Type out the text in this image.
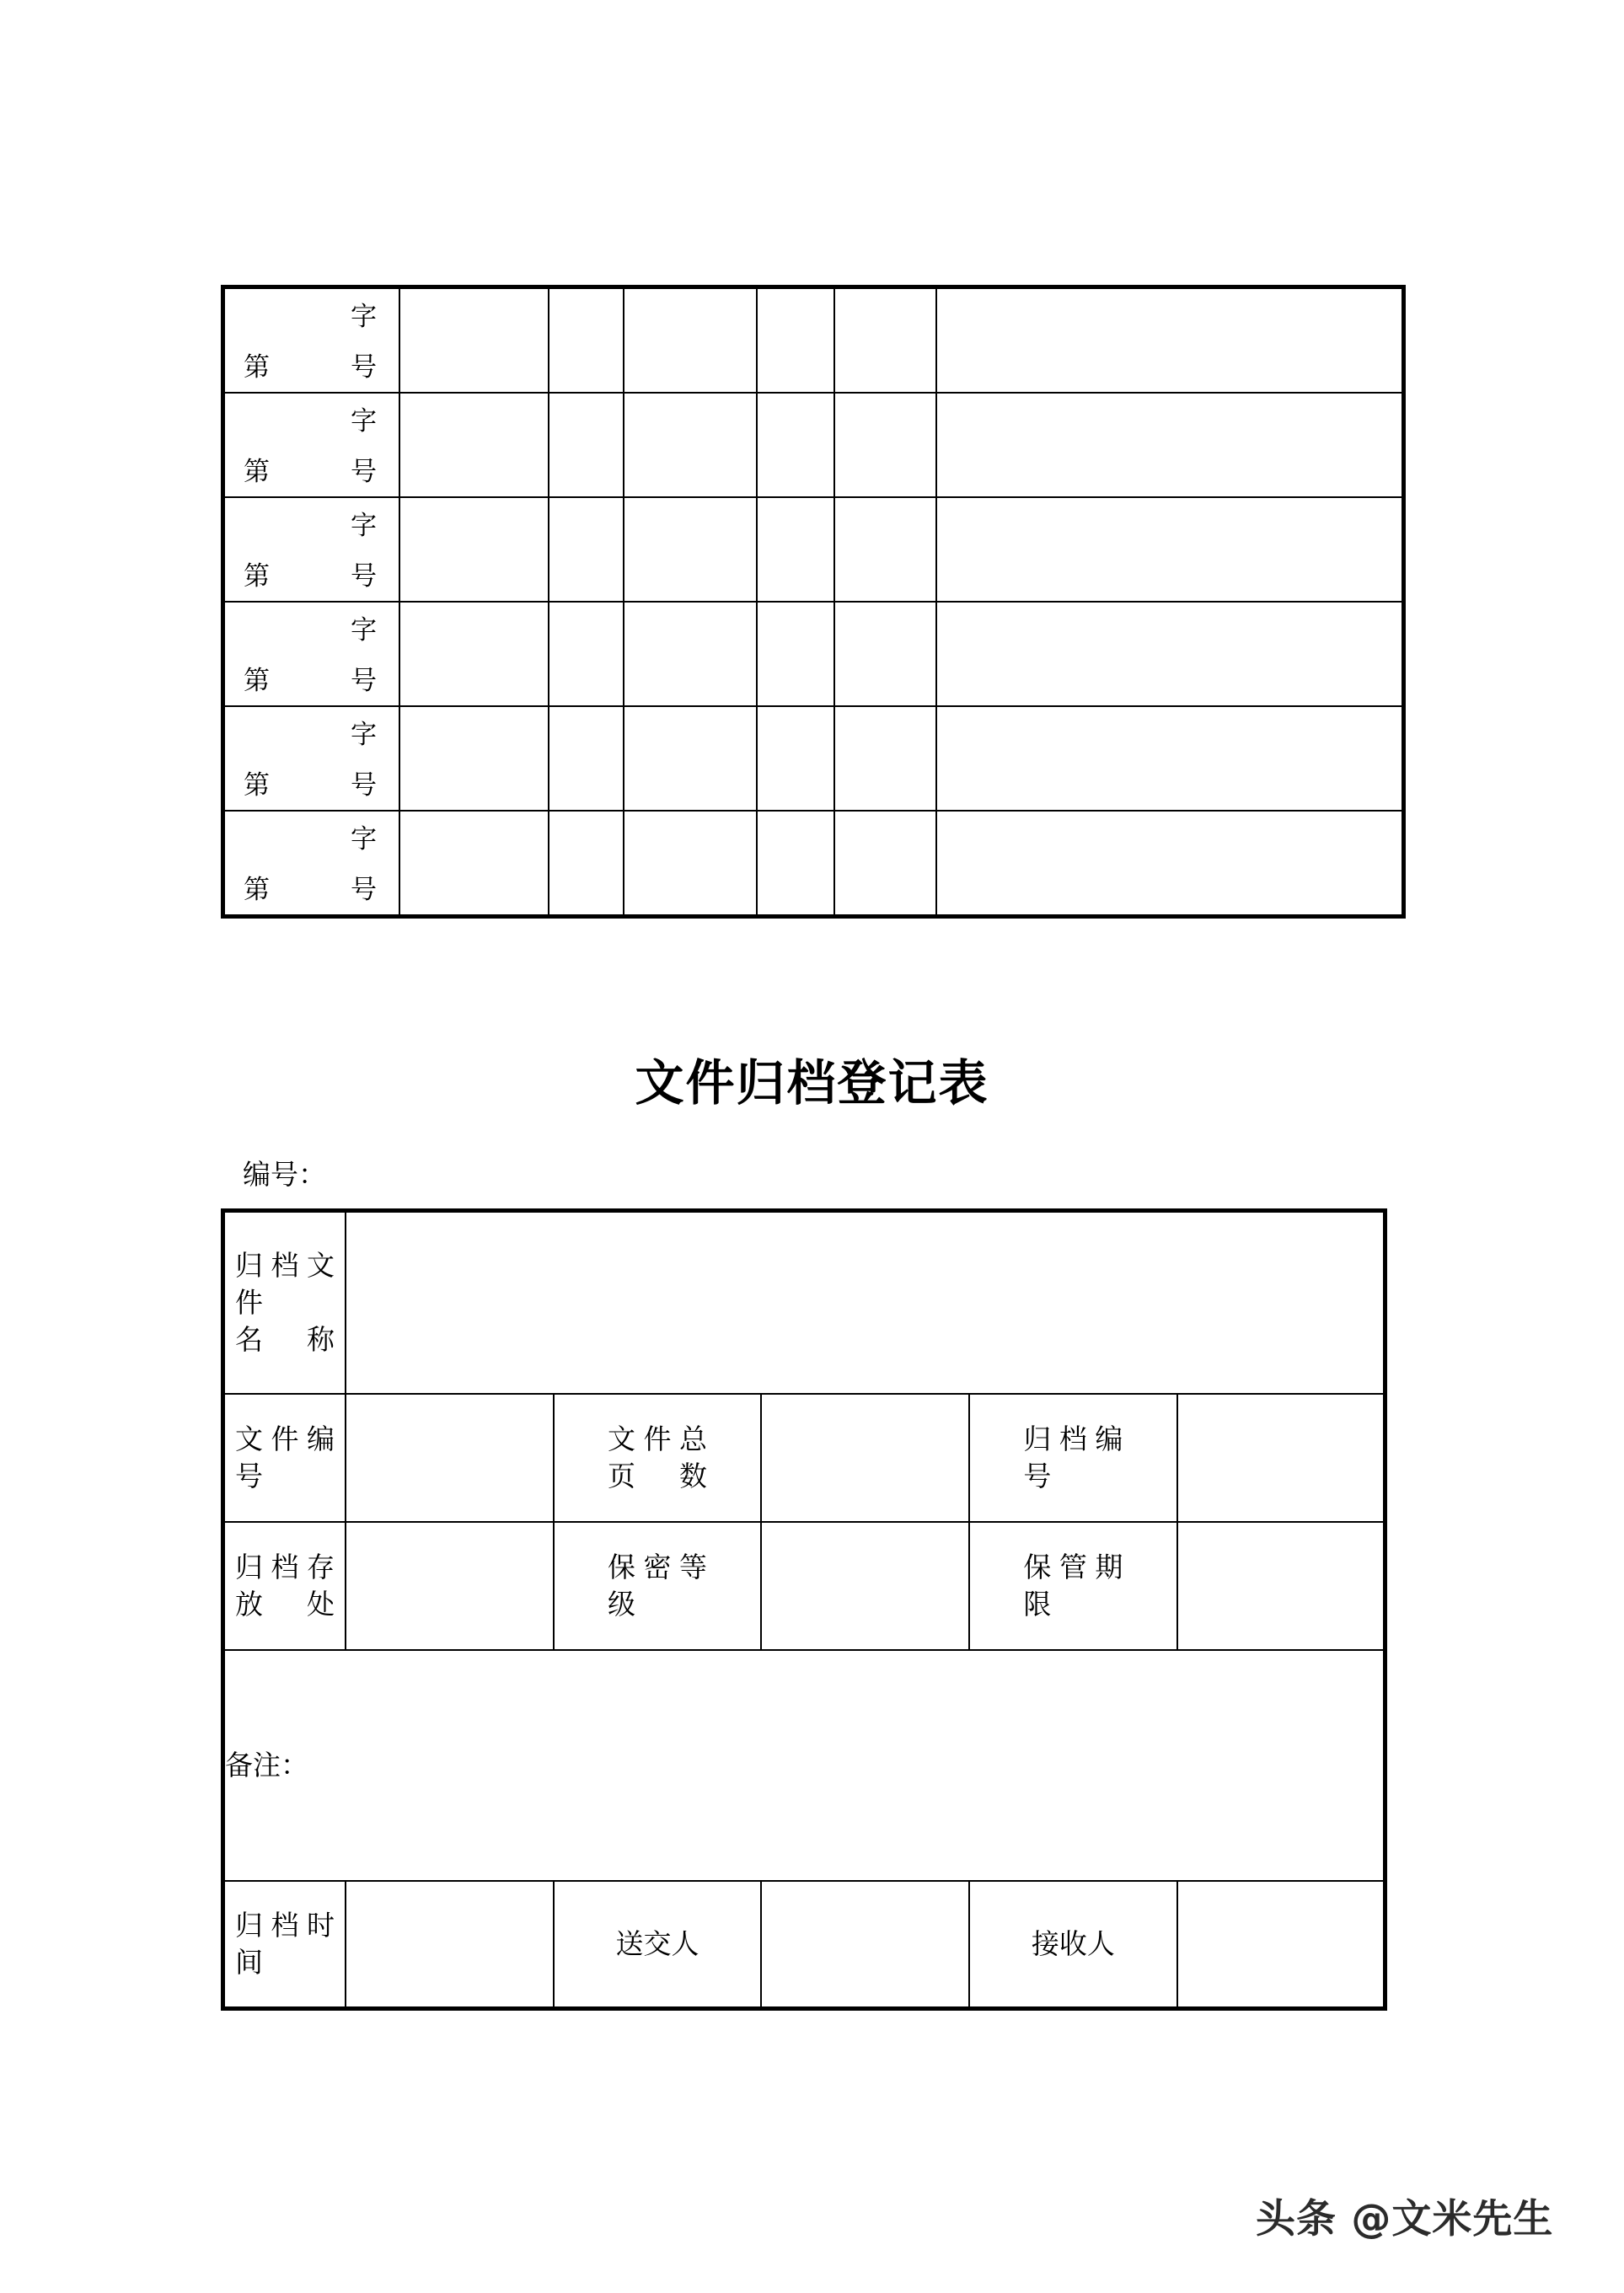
字
第 号						

字
第 号						

字
第 号						

字
第 号						

字
第 号						

字
第 号						

文件归档登记表
编号：
归档文 件 名称					
文件编 号		文件总 页数		归档编 号	
归档存 放处		保密等 级		保管期 限	
备注：					
归档时 间		送交人		接收人	
头条 @文米先生
